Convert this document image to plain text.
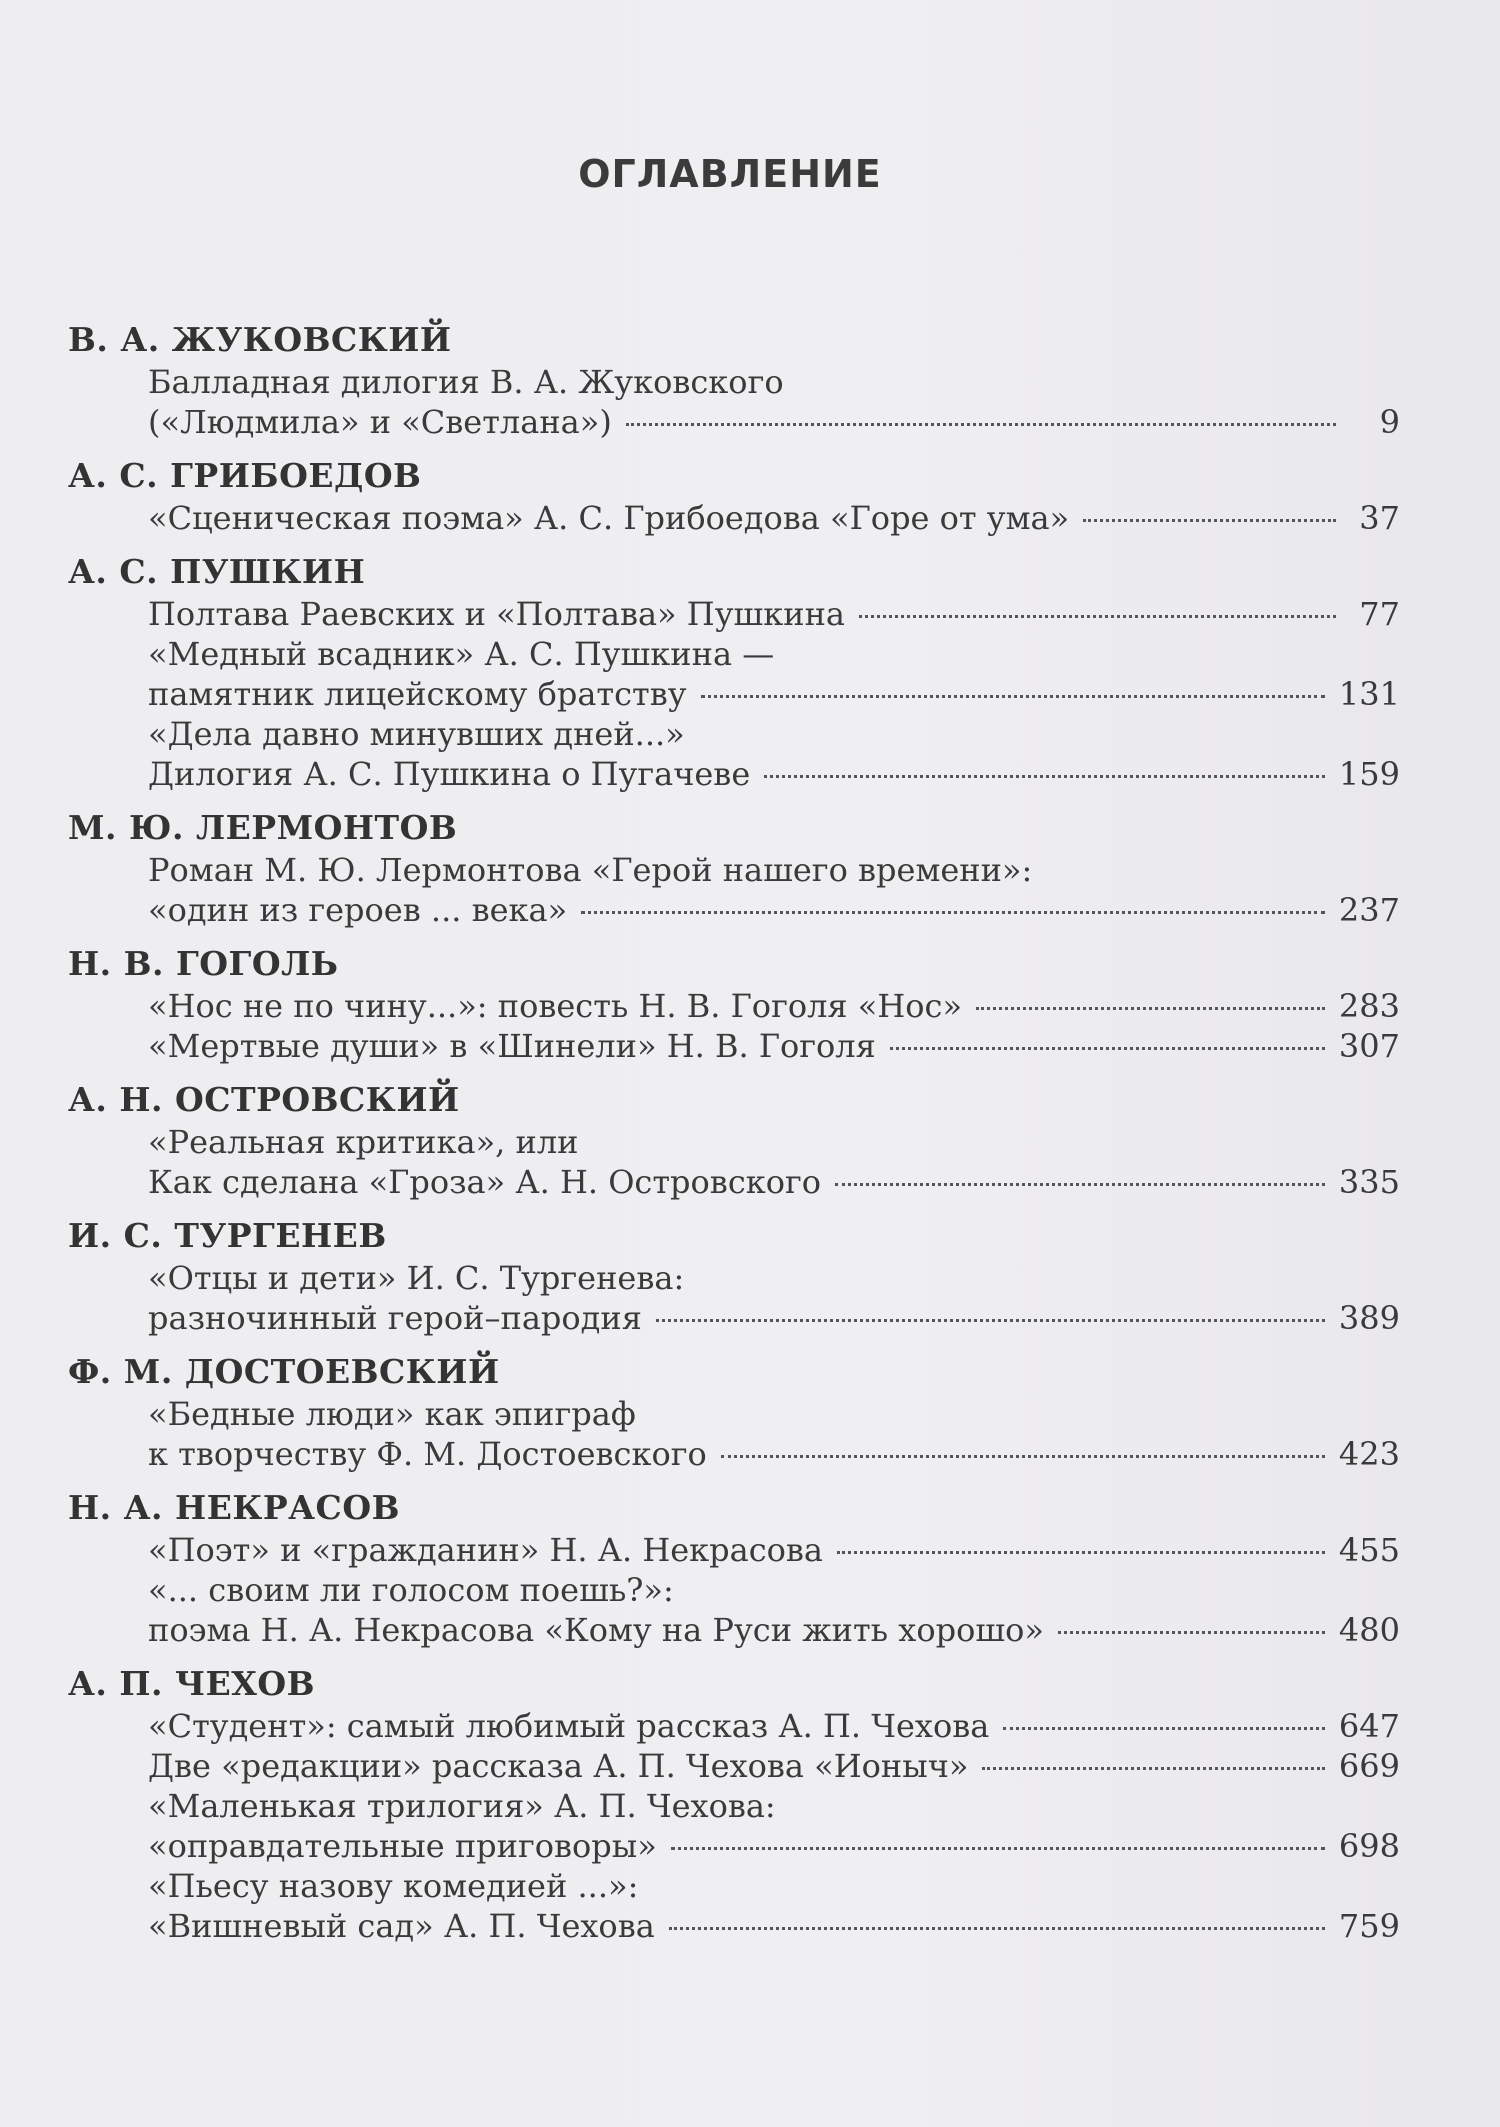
ОГЛАВЛЕНИЕ
В. А. ЖУКОВСКИЙ
Балладная дилогия В. А. Жуковского
(«Людмила» и «Светлана»)	9
А. С. ГРИБОЕДОВ
«Сценическая поэма» А. С. Грибоедова «Горе от ума»	37
А. С. ПУШКИН
Полтава Раевских и «Полтава» Пушкина	77
«Медный всадник» А. С. Пушкина —
памятник лицейскому братству	131
«Дела давно минувших дней...»
Дилогия А. С. Пушкина о Пугачеве	159
М. Ю. ЛЕРМОНТОВ
Роман М. Ю. Лермонтова «Герой нашего времени»:
«один из героев ... века»	237
Н. В. ГОГОЛЬ
«Нос не по чину...»: повесть Н. В. Гоголя «Нос»	283
«Мертвые души» в «Шинели» Н. В. Гоголя	307
А. Н. ОСТРОВСКИЙ
«Реальная критика», или
Как сделана «Гроза» А. Н. Островского	335
И. С. ТУРГЕНЕВ
«Отцы и дети» И. С. Тургенева:
разночинный герой–пародия	389
Ф. М. ДОСТОЕВСКИЙ
«Бедные люди» как эпиграф
к творчеству Ф. М. Достоевского	423
Н. А. НЕКРАСОВ
«Поэт» и «гражданин» Н. А. Некрасова	455
«... своим ли голосом поешь?»:
поэма Н. А. Некрасова «Кому на Руси жить хорошо»	480
А. П. ЧЕХОВ
«Студент»: самый любимый рассказ А. П. Чехова	647
Две «редакции» рассказа А. П. Чехова «Ионыч»	669
«Маленькая трилогия» А. П. Чехова:
«оправдательные приговоры»	698
«Пьесу назову комедией ...»:
«Вишневый сад» А. П. Чехова	759
